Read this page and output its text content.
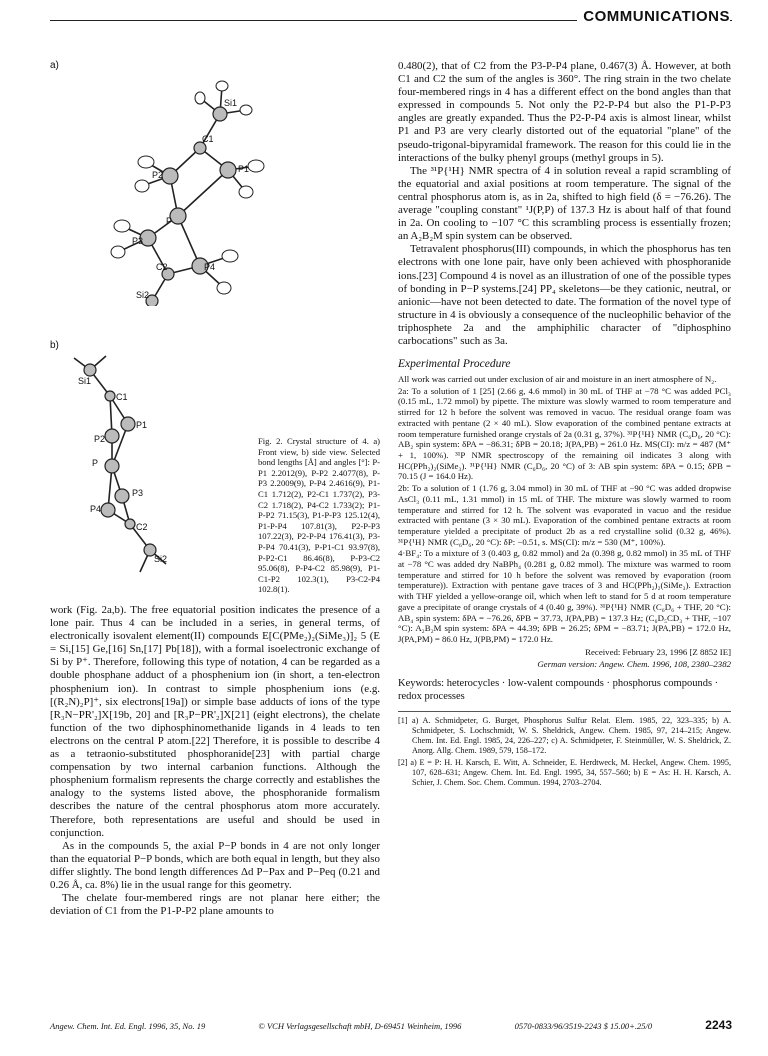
COMMUNICATIONS
a)
b)
Si1
C1
P2
P1
P
P3
C2	P4
Si2
Si1
C1
P2
P1
P
P3
P4
C2
Si2
Fig. 2. Crystal structure of 4. a) Front view, b) side view. Selected bond lengths [Å] and angles [°]: P-P1 2.2012(9), P-P2 2.4077(8), P-P3 2.2009(9), P-P4 2.4616(9), P1-C1 1.712(2), P2-C1 1.737(2), P3-C2 1.718(2), P4-C2 1.733(2); P1-P-P2 71.15(3), P1-P-P3 125.12(4), P1-P-P4 107.81(3), P2-P-P3 107.22(3), P2-P-P4 176.41(3), P3-P-P4 70.41(3), P-P1-C1 93.97(8), P-P2-C1 86.46(8), P-P3-C2 95.06(8), P-P4-C2 85.98(9), P1-C1-P2 102.3(1), P3-C2-P4 102.8(1).

work (Fig. 2a,b). The free equatorial position indicates the presence of a lone pair. Thus 4 can be included in a series, in general terms, of electronically isovalent element(II) compounds E[C(PMe₂)₂(SiMe₃)]₂ 5 (E = Si,[15] Ge,[16] Sn,[17] Pb[18]), with a formal isoelectronic exchange of Si by P⁺. Therefore, following this type of notation, 4 can be regarded as a double phosphane adduct of a phosphenium ion (in short, a ten-electron phosphenium ion). In contrast to simple phosphenium ions (e.g. [(R₂N)₂P]⁺, six electrons[19a]) or simple base adducts of ions of the type [R₃N−PR'₂]X[19b, 20] and [R₃P−PR'₂]X[21] (eight electrons), the chelate function of the two diphosphinomethanide ligands in 4 leads to ten electrons on the central P atom.[22] Therefore, it is possible to describe 4 as a tetraonio-substituted phosphoranide[23] with partial charge compensation by two internal carbanion functions. Although the phosphenium formalism represents the charge correctly and establishes the analogy to the systems listed above, the phosphoranide formalism describes the nature of the central phosphorus atom more accurately. Therefore, both representations are useful and should be used in conjunction.

As in the compounds 5, the axial P−P bonds in 4 are not only longer than the equatorial P−P bonds, which are both equal in length, but they also differ slightly. The bond length differences Δd P−Pax and P−Peq (0.21 and 0.26 Å, ca. 8%) lie in the usual range for this geometry.

The chelate four-membered rings are not planar here either; the deviation of C1 from the P1-P-P2 plane amounts to

0.480(2), that of C2 from the P3-P-P4 plane, 0.467(3) Å. However, at both C1 and C2 the sum of the angles is 360°. The ring strain in the two chelate four-membered rings in 4 has a different effect on the bond angles than that expressed in compounds 5. Not only the P2-P-P4 but also the P1-P-P3 angles are greatly expanded. Thus the P2-P-P4 axis is almost linear, whilst P1 and P3 are very clearly distorted out of the equatorial "plane" of the pseudo-trigonal-bipyramidal framework. The reason for this could lie in the interactions of the bulky phenyl groups (methyl groups in 5).

The ³¹P{¹H} NMR spectra of 4 in solution reveal a rapid scrambling of the equatorial and axial positions at room temperature. The signal of the central phosphorus atom is, as in 2a, shifted to high field (δ = −76.26). The average "coupling constant" ¹J(P,P) of 137.3 Hz is about half of that found in 2a. On cooling to −107 °C this scrambling process is essentially frozen; an A₂B₂M spin system can be observed.

Tetravalent phosphorus(III) compounds, in which the phosphorus has ten electrons with one lone pair, have only been achieved with phosphoranide ions.[23] Compound 4 is novel as an illustration of one of the possible types of bonding in P−P systems.[24] PP₄ skeletons—be they cationic, neutral, or anionic—have not been detected to date. The formation of the novel type of structure in 4 is obviously a consequence of the nucleophilic behavior of the triphosphete 2a and the amphiphilic character of "diphosphino carbocations" such as 3a.

Experimental Procedure

All work was carried out under exclusion of air and moisture in an inert atmosphere of N₂.

2a: To a solution of 1 [25] (2.66 g, 4.6 mmol) in 30 mL of THF at −78 °C was added PCl₃ (0.15 mL, 1.72 mmol) by pipette. The mixture was slowly warmed to room temperature and stirred for 12 h before the solvent was removed in vacuo. The residual orange foam was extracted with pentane (2 × 40 mL). Slow evaporation of the combined pentane extracts at room temperature furnished orange crystals of 2a (0.31 g, 37%). ³¹P{¹H} NMR (C₆D₆, 20 °C): AB₂ spin system: δPA = −86.31; δPB = 20.18; J(PA,PB) = 261.0 Hz. MS(CI): m/z = 487 (M⁺ + 1, 100%). ³¹P NMR spectroscopy of the remaining oil indicates 3 along with HC(PPh₂)₂(SiMe₃). ³¹P{¹H} NMR (C₆D₆, 20 °C) of 3: AB spin system: δPA = 0.15; δPB = 70.15 (J = 164.0 Hz).

2b: To a solution of 1 (1.76 g, 3.04 mmol) in 30 mL of THF at −90 °C was added dropwise AsCl₃ (0.11 mL, 1.31 mmol) in 15 mL of THF. The mixture was slowly warmed to room temperature and stirred for 12 h. The solvent was evaporated in vacuo and the residue extracted with pentane (3 × 30 mL). Evaporation of the combined pentane extracts at room temperature yielded a precipitate of product 2b as a red crystalline solid (0.32 g, 46%). ³¹P{¹H} NMR (C₆D₆, 20 °C): δP: −0.51, s. MS(CI): m/z = 530 (M⁺, 100%).

4·BF₄: To a mixture of 3 (0.403 g, 0.82 mmol) and 2a (0.398 g, 0.82 mmol) in 35 mL of THF at −78 °C was added dry NaBPh₄ (0.281 g, 0.82 mmol). The mixture was warmed to room temperature and stirred for 10 h before the solvent was removed by evaporation (room temperature)). Extraction with pentane gave traces of 3 and HC(PPh₂)₂(SiMe₃). Extraction with THF yielded a yellow-orange oil, which when left to stand for 5 d at room temperature gave a precipitate of orange crystals of 4 (0.40 g, 39%). ³¹P{¹H} NMR (C₆D₆ + THF, 20 °C): AB₄ spin system: δPA = −76.26, δPB = 37.73, J(PA,PB) = 137.3 Hz; (C₆D₅CD₃ + THF, −107 °C): A₂B₂M spin system: δPA = 44.39; δPB = 26.25; δPM = −83.71; J(PA,PB) = 172.0 Hz, J(PA,PM) = 86.0 Hz, J(PB,PM) = 172.0 Hz.

Received: February 23, 1996 [Z 8852 IE]
German version: Angew. Chem. 1996, 108, 2380–2382
Keywords: heterocycles · low-valent compounds · phosphorus compounds · redox processes

[1] a) A. Schmidpeter, G. Burget, Phosphorus Sulfur Relat. Elem. 1985, 22, 323–335; b) A. Schmidpeter, S. Lochschmidt, W. S. Sheldrick, Angew. Chem. 1985, 97, 214–215; Angew. Chem. Int. Ed. Engl. 1985, 24, 226–227; c) A. Schmidpeter, F. Steinmüller, W. S. Sheldrick, Z. Anorg. Allg. Chem. 1989, 579, 158–172.

[2] a) E = P: H. H. Karsch, E. Witt, A. Schneider, E. Herdtweck, M. Heckel, Angew. Chem. 1995, 107, 628–631; Angew. Chem. Int. Ed. Engl. 1995, 34, 557–560; b) E = As: H. H. Karsch, A. Schier, J. Chem. Soc. Chem. Commun. 1994, 2703–2704.

Angew. Chem. Int. Ed. Engl. 1996, 35, No. 19	© VCH Verlagsgesellschaft mbH, D-69451 Weinheim, 1996	0570-0833/96/3519-2243 $ 15.00+.25/0	2243
